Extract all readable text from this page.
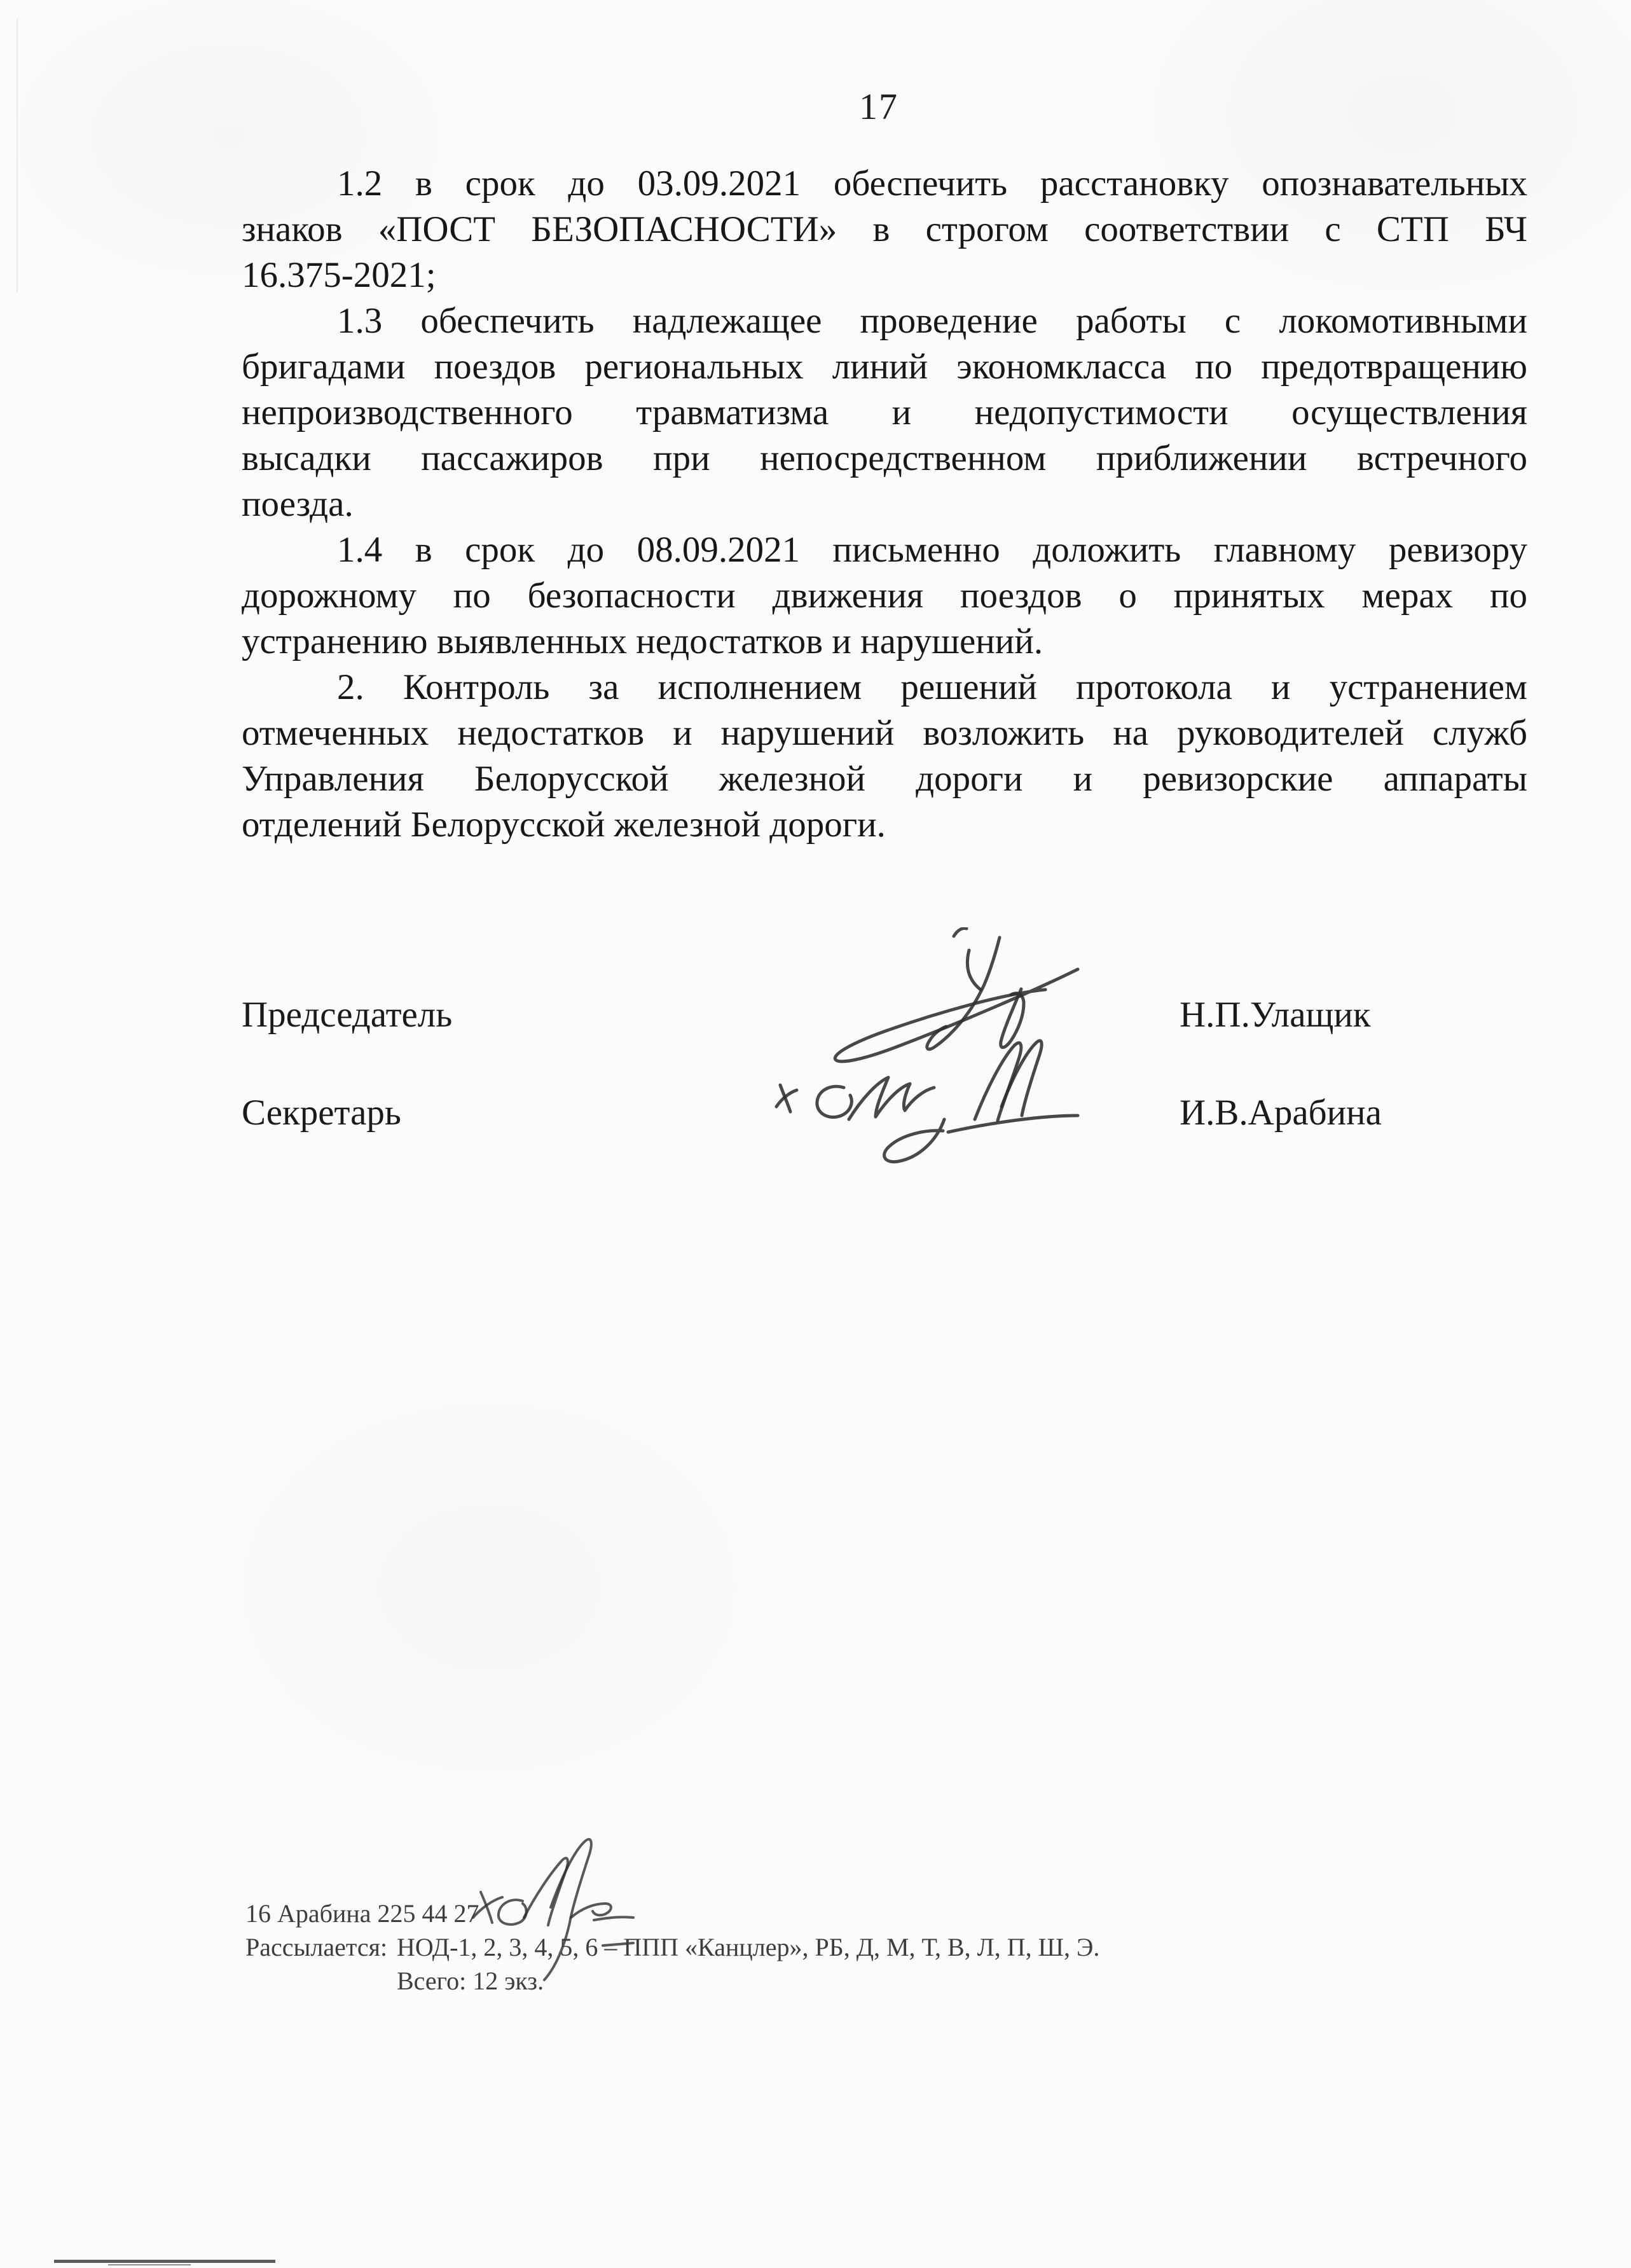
17
1.2 в срок до 03.09.2021 обеспечить расстановку опознавательных
знаков «ПОСТ БЕЗОПАСНОСТИ» в строгом соответствии с СТП БЧ
16.375-2021;
1.3 обеспечить надлежащее проведение работы с локомотивными
бригадами поездов региональных линий экономкласса по предотвращению
непроизводственного травматизма и недопустимости осуществления
высадки пассажиров при непосредственном приближении встречного
поезда.
1.4 в срок до 08.09.2021 письменно доложить главному ревизору
дорожному по безопасности движения поездов о принятых мерах по
устранению выявленных недостатков и нарушений.
2. Контроль за исполнением решений протокола и устранением
отмеченных недостатков и нарушений возложить на руководителей служб
Управления Белорусской железной дороги и ревизорские аппараты
отделений Белорусской железной дороги.
Председатель	Н.П.Улащик
Секретарь	И.В.Арабина
16 Арабина 225 44 27
Рассылается: НОД-1, 2, 3, 4, 5, 6 – ППП «Канцлер», РБ, Д, М, Т, В, Л, П, Ш, Э.
Всего: 12 экз.
